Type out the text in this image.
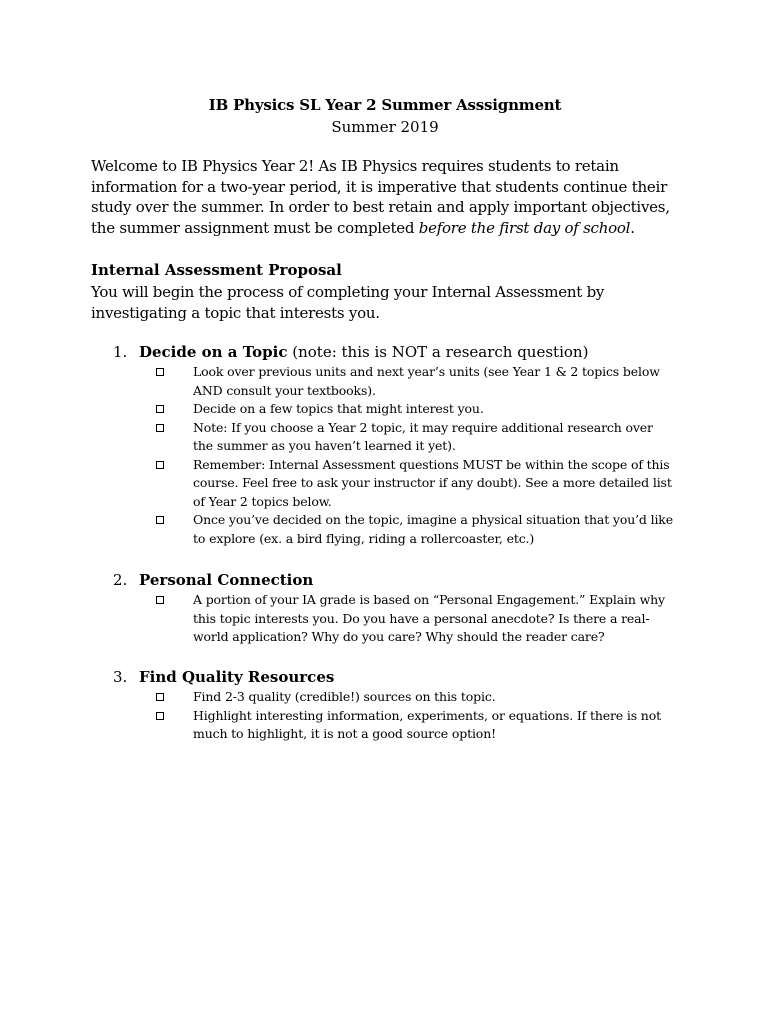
IB Physics SL Year 2 Summer Asssignment
Summer 2019

Welcome to IB Physics Year 2! As IB Physics requires students to retain information for a two-year period, it is imperative that students continue their study over the summer. In order to best retain and apply important objectives, the summer assignment must be completed before the first day of school.

Internal Assessment Proposal

You will begin the process of completing your Internal Assessment by investigating a topic that interests you.

1. Decide on a Topic (note: this is NOT a research question)
Look over previous units and next year’s units (see Year 1 & 2 topics below AND consult your textbooks).
Decide on a few topics that might interest you.
Note: If you choose a Year 2 topic, it may require additional research over the summer as you haven’t learned it yet).
Remember: Internal Assessment questions MUST be within the scope of this course. Feel free to ask your instructor if any doubt). See a more detailed list of Year 2 topics below.
Once you’ve decided on the topic, imagine a physical situation that you’d like to explore (ex. a bird flying, riding a rollercoaster, etc.)
2. Personal Connection
A portion of your IA grade is based on “Personal Engagement.” Explain why this topic interests you. Do you have a personal anecdote? Is there a real-world application? Why do you care? Why should the reader care?
3. Find Quality Resources
Find 2-3 quality (credible!) sources on this topic.
Highlight interesting information, experiments, or equations. If there is not much to highlight, it is not a good source option!
